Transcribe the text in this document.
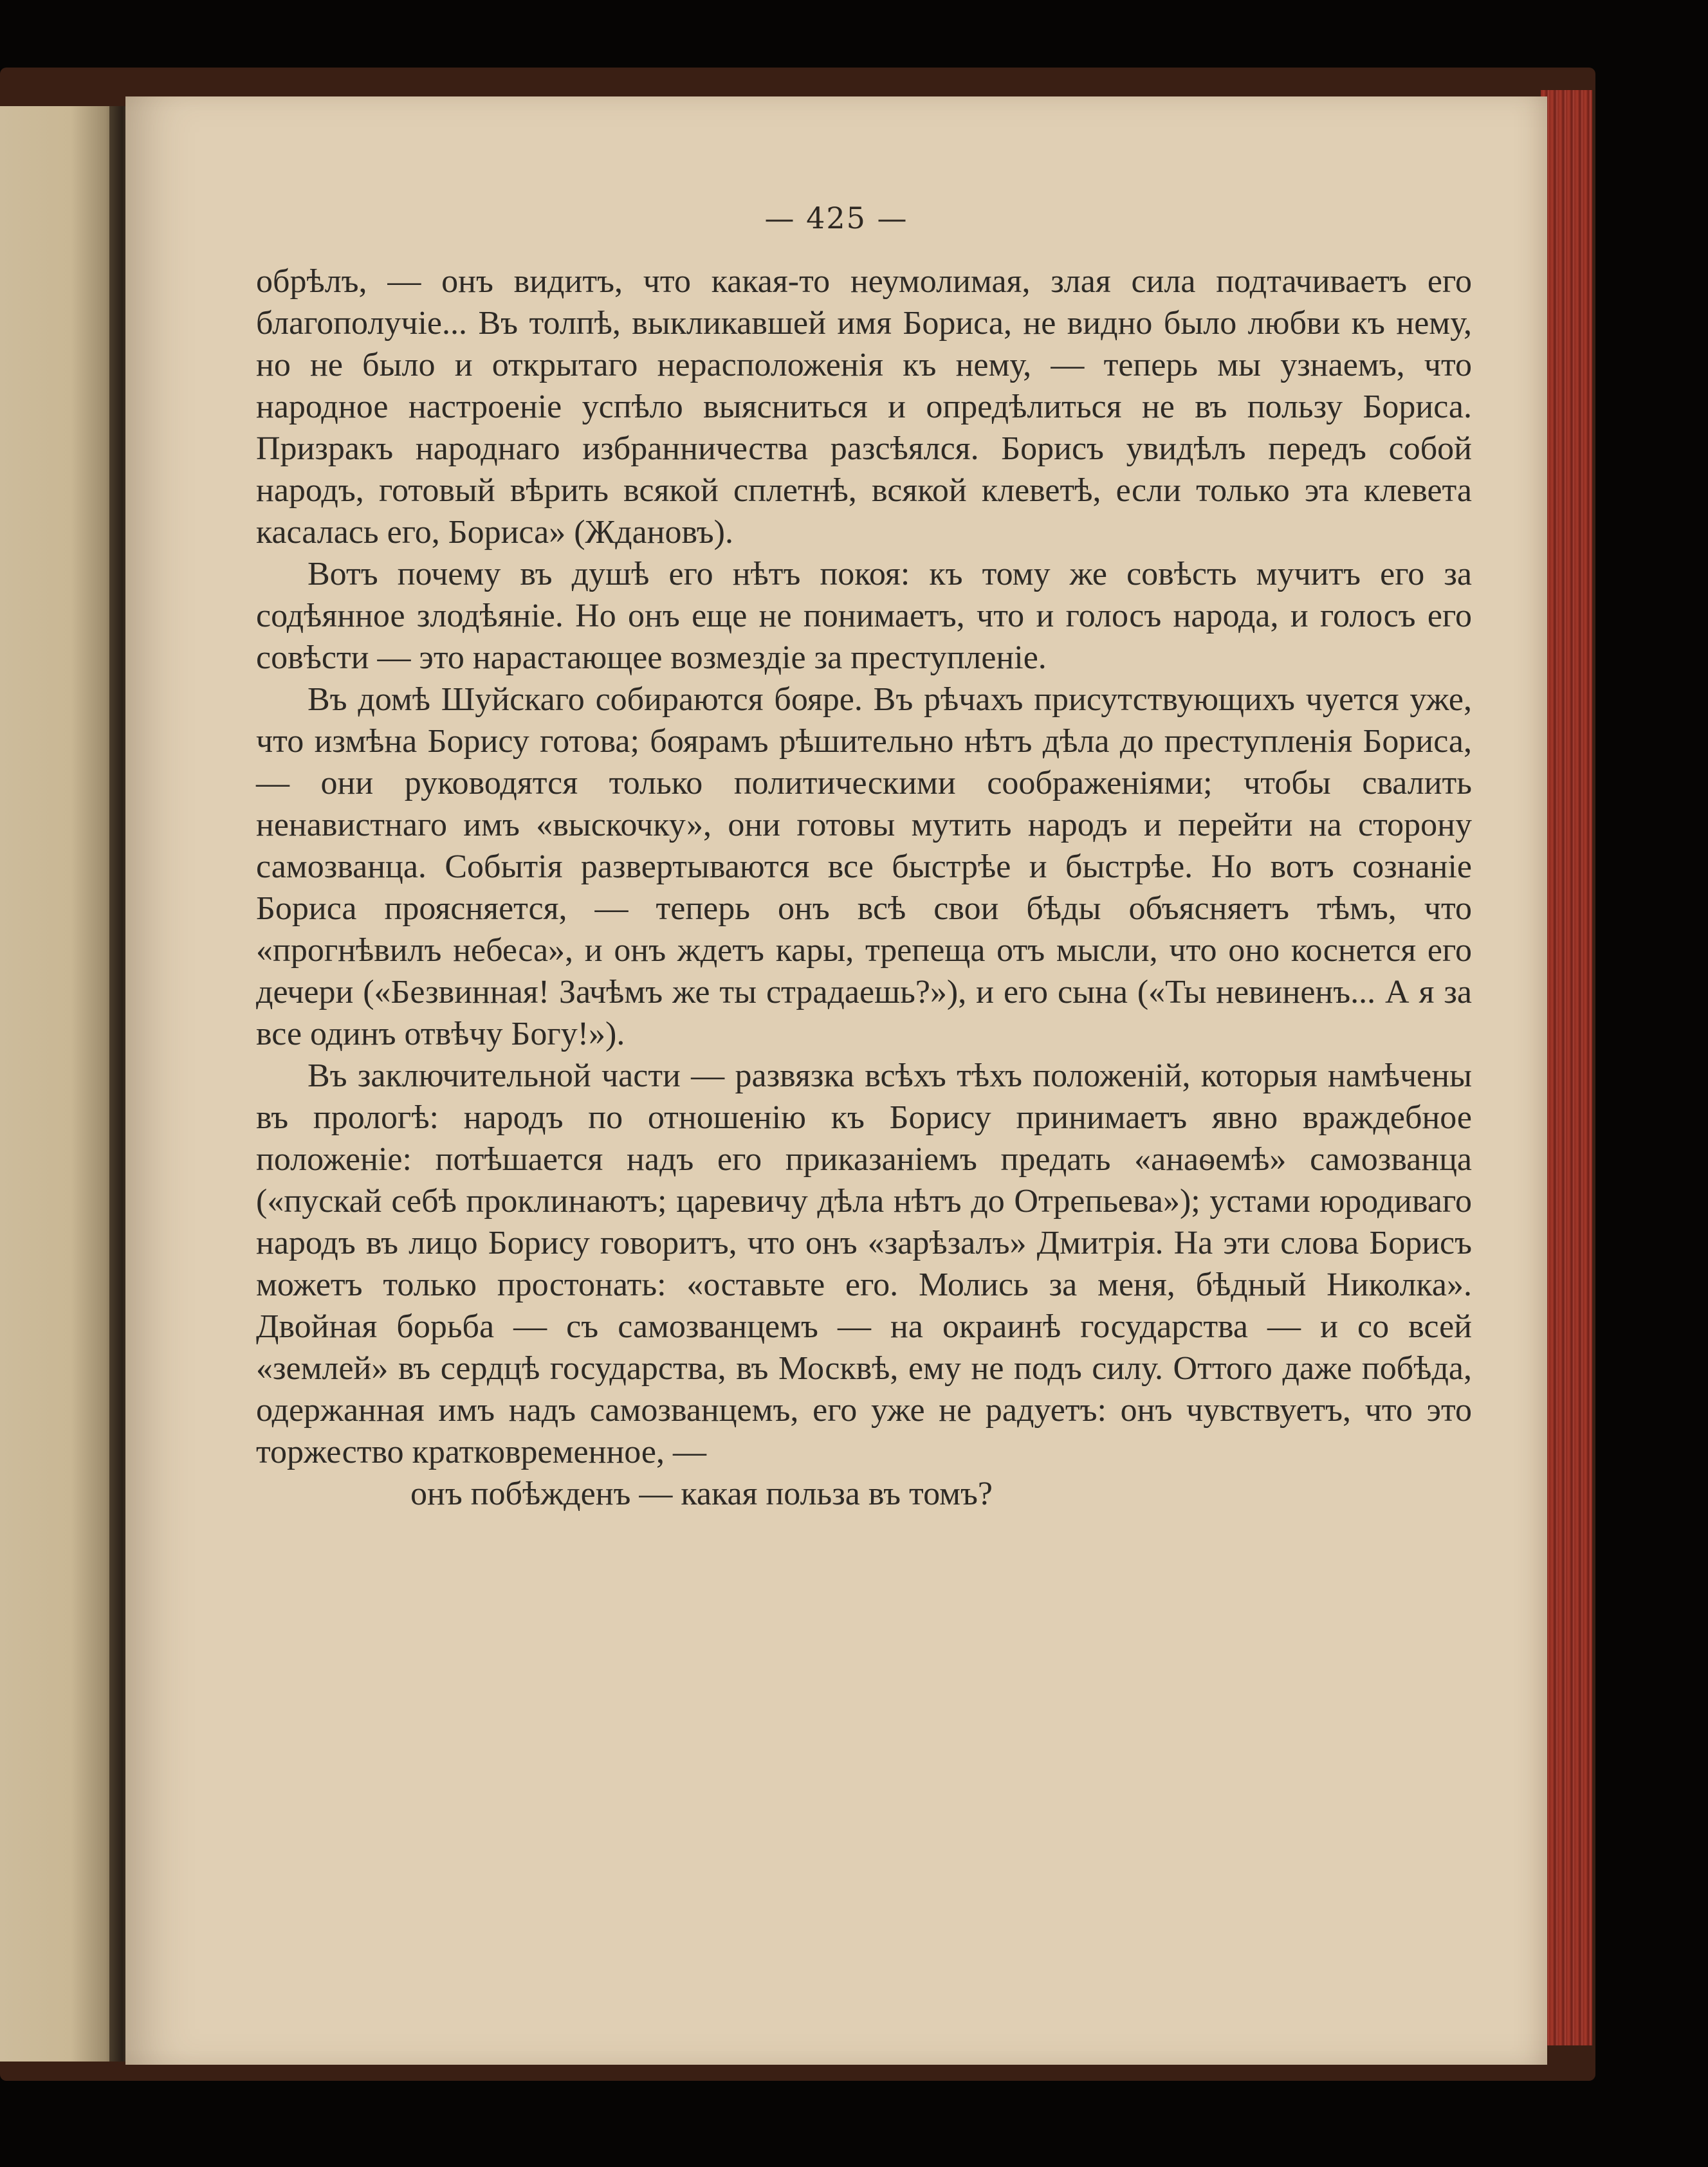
— 425 —

обрѣлъ, — онъ видитъ, что какая-то неумолимая, злая сила подтачиваетъ его благополучіе... Въ толпѣ, выкликавшей имя Бориса, не видно было любви къ нему, но не было и открытаго нерасположенія къ нему, — теперь мы узнаемъ, что народное настроеніе успѣло выясниться и опредѣлиться не въ пользу Бориса. Призракъ народнаго избранничества разсѣялся. Борисъ увидѣлъ передъ собой народъ, готовый вѣрить всякой сплетнѣ, всякой клеветѣ, если только эта клевета касалась его, Бориса» (Ждановъ).

Вотъ почему въ душѣ его нѣтъ покоя: къ тому же совѣсть мучитъ его за содѣянное злодѣяніе. Но онъ еще не понимаетъ, что и голосъ народа, и голосъ его совѣсти — это нарастающее возмездіе за преступленіе.

Въ домѣ Шуйскаго собираются бояре. Въ рѣчахъ присутствующихъ чуется уже, что измѣна Борису готова; боярамъ рѣшительно нѣтъ дѣла до преступленія Бориса, — они руководятся только политическими соображеніями; чтобы свалить ненавистнаго имъ «выскочку», они готовы мутить народъ и перейти на сторону самозванца. Событія развертываются все быстрѣе и быстрѣе. Но вотъ сознаніе Бориса проясняется, — теперь онъ всѣ свои бѣды объясняетъ тѣмъ, что «прогнѣвилъ небеса», и онъ ждетъ кары, трепеща отъ мысли, что оно коснется его дечери («Безвинная! Зачѣмъ же ты страдаешь?»), и его сына («Ты невиненъ... А я за все одинъ отвѣчу Богу!»).

Въ заключительной части — развязка всѣхъ тѣхъ положеній, которыя намѣчены въ прологѣ: народъ по отношенію къ Борису принимаетъ явно враждебное положеніе: потѣшается надъ его приказаніемъ предать «анаѳемѣ» самозванца («пускай себѣ проклинаютъ; царевичу дѣла нѣтъ до Отрепьева»); устами юродиваго народъ въ лицо Борису говоритъ, что онъ «зарѣзалъ» Дмитрія. На эти слова Борисъ можетъ только простонать: «оставьте его. Молись за меня, бѣдный Николка». Двойная борьба — съ самозванцемъ — на окраинѣ государства — и со всей «землей» въ сердцѣ государства, въ Москвѣ, ему не подъ силу. Оттого даже побѣда, одержанная имъ надъ самозванцемъ, его уже не радуетъ: онъ чувствуетъ, что это торжество кратковременное, —

онъ побѣжденъ — какая польза въ томъ?
